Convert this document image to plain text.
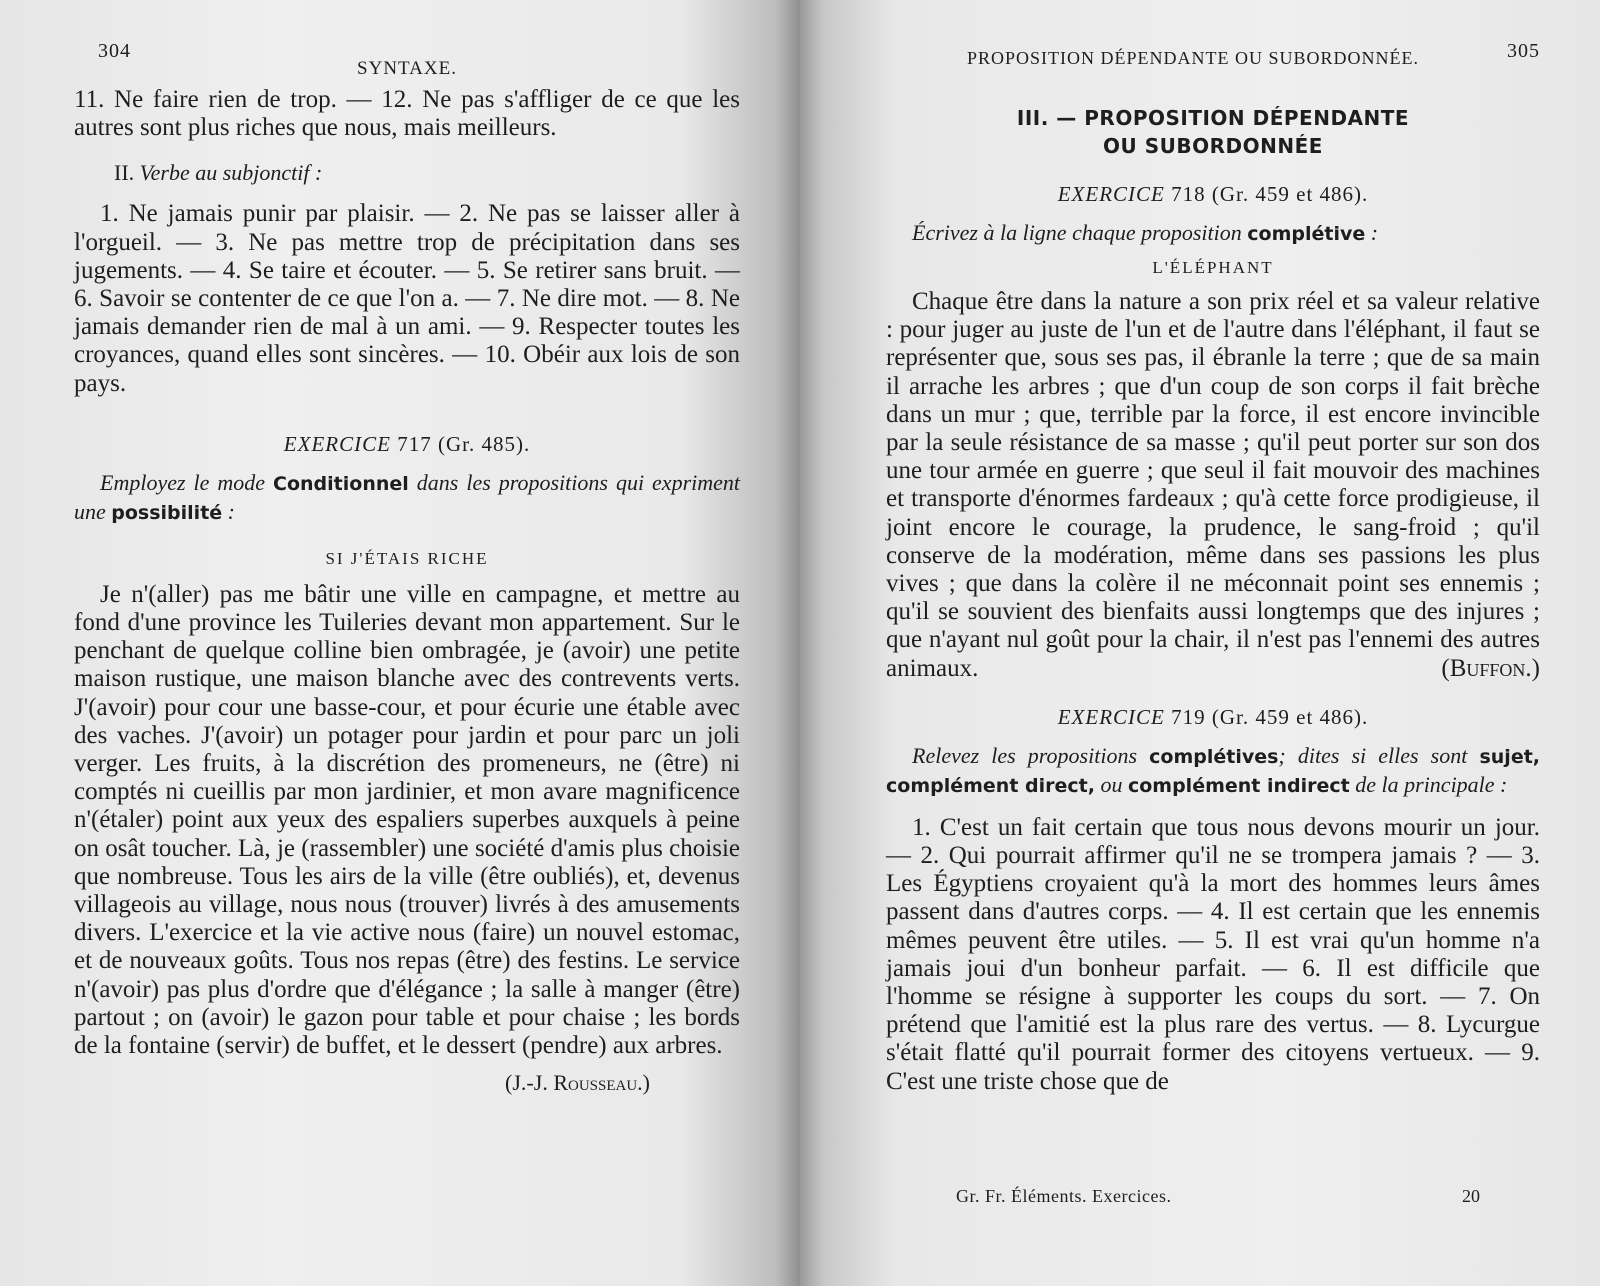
304
SYNTAXE.

11. Ne faire rien de trop. — 12. Ne pas s'affliger de ce que les autres sont plus riches que nous, mais meilleurs.

II. Verbe au subjonctif :

1. Ne jamais punir par plaisir. — 2. Ne pas se laisser aller à l'orgueil. — 3. Ne pas mettre trop de précipitation dans ses jugements. — 4. Se taire et écouter. — 5. Se retirer sans bruit. — 6. Savoir se contenter de ce que l'on a. — 7. Ne dire mot. — 8. Ne jamais demander rien de mal à un ami. — 9. Respecter toutes les croyances, quand elles sont sincères. — 10. Obéir aux lois de son pays.

EXERCICE 717 (Gr. 485).

Employez le mode Conditionnel dans les propositions qui expriment une possibilité :

SI J'ÉTAIS RICHE

Je n'(aller) pas me bâtir une ville en campagne, et mettre au fond d'une province les Tuileries devant mon appartement. Sur le penchant de quelque colline bien ombragée, je (avoir) une petite maison rustique, une maison blanche avec des contrevents verts. J'(avoir) pour cour une basse-cour, et pour écurie une étable avec des vaches. J'(avoir) un potager pour jardin et pour parc un joli verger. Les fruits, à la discrétion des promeneurs, ne (être) ni comptés ni cueillis par mon jardinier, et mon avare magnificence n'(étaler) point aux yeux des espaliers superbes auxquels à peine on osât toucher. Là, je (rassembler) une société d'amis plus choisie que nombreuse. Tous les airs de la ville (être oubliés), et, devenus villageois au village, nous nous (trouver) livrés à des amusements divers. L'exercice et la vie active nous (faire) un nouvel estomac, et de nouveaux goûts. Tous nos repas (être) des festins. Le service n'(avoir) pas plus d'ordre que d'élégance ; la salle à manger (être) partout ; on (avoir) le gazon pour table et pour chaise ; les bords de la fontaine (servir) de buffet, et le dessert (pendre) aux arbres.

(J.-J. Rousseau.)
PROPOSITION DÉPENDANTE OU SUBORDONNÉE.	305
III. — PROPOSITION DÉPENDANTE
OU SUBORDONNÉE
EXERCICE 718 (Gr. 459 et 486).

Écrivez à la ligne chaque proposition complétive :

L'ÉLÉPHANT

Chaque être dans la nature a son prix réel et sa valeur relative : pour juger au juste de l'un et de l'autre dans l'éléphant, il faut se représenter que, sous ses pas, il ébranle la terre ; que de sa main il arrache les arbres ; que d'un coup de son corps il fait brèche dans un mur ; que, terrible par la force, il est encore invincible par la seule résistance de sa masse ; qu'il peut porter sur son dos une tour armée en guerre ; que seul il fait mouvoir des machines et transporte d'énormes fardeaux ; qu'à cette force prodigieuse, il joint encore le courage, la prudence, le sang-froid ; qu'il conserve de la modération, même dans ses passions les plus vives ; que dans la colère il ne méconnait point ses ennemis ; qu'il se souvient des bienfaits aussi longtemps que des injures ; que n'ayant nul goût pour la chair, il n'est pas l'ennemi des autres animaux.	(Buffon.)

EXERCICE 719 (Gr. 459 et 486).

Relevez les propositions complétives; dites si elles sont sujet, complément direct, ou complément indirect de la principale :

1. C'est un fait certain que tous nous devons mourir un jour. — 2. Qui pourrait affirmer qu'il ne se trompera jamais ? — 3. Les Égyptiens croyaient qu'à la mort des hommes leurs âmes passent dans d'autres corps. — 4. Il est certain que les ennemis mêmes peuvent être utiles. — 5. Il est vrai qu'un homme n'a jamais joui d'un bonheur parfait. — 6. Il est difficile que l'homme se résigne à supporter les coups du sort. — 7. On prétend que l'amitié est la plus rare des vertus. — 8. Lycurgue s'était flatté qu'il pourrait former des citoyens vertueux. — 9. C'est une triste chose que de

Gr. Fr. Éléments. Exercices.	20
